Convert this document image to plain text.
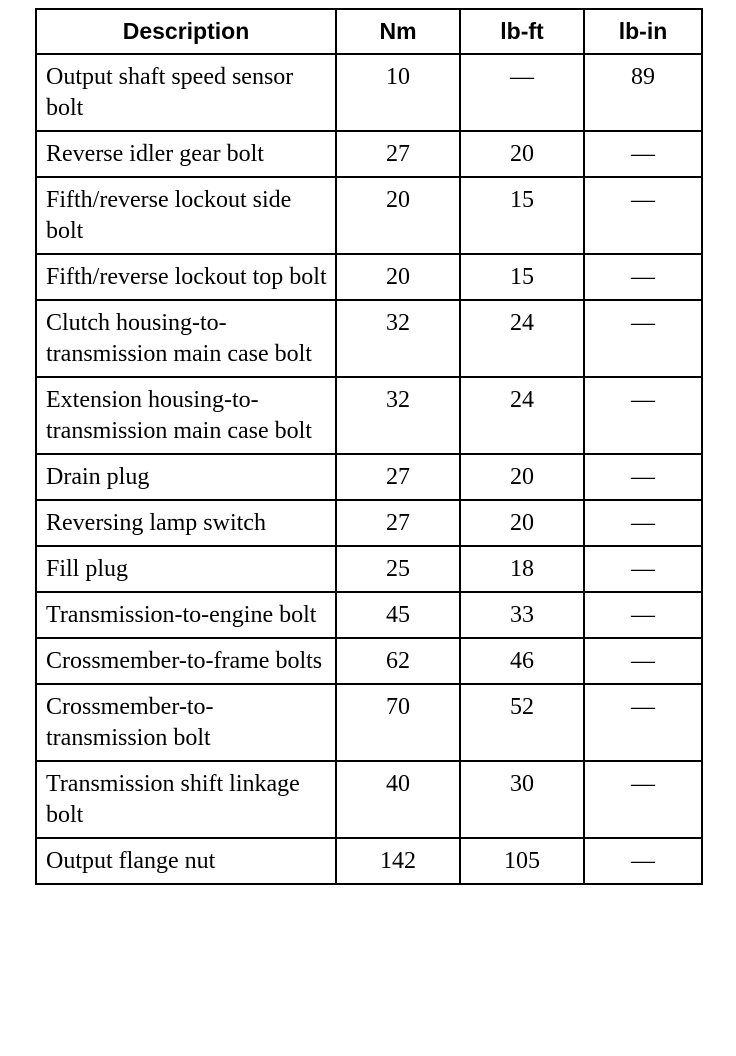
Description	Nm	lb-ft	lb-in
Output shaft speed sensor bolt	10	—	89
Reverse idler gear bolt	27	20	—
Fifth/reverse lockout side bolt	20	15	—
Fifth/reverse lockout top bolt	20	15	—
Clutch housing-to-transmission main case bolt	32	24	—
Extension housing-to-transmission main case bolt	32	24	—
Drain plug	27	20	—
Reversing lamp switch	27	20	—
Fill plug	25	18	—
Transmission-to-engine bolt	45	33	—
Crossmember-to-frame bolts	62	46	—
Crossmember-to-transmission bolt	70	52	—
Transmission shift linkage bolt	40	30	—
Output flange nut	142	105	—
